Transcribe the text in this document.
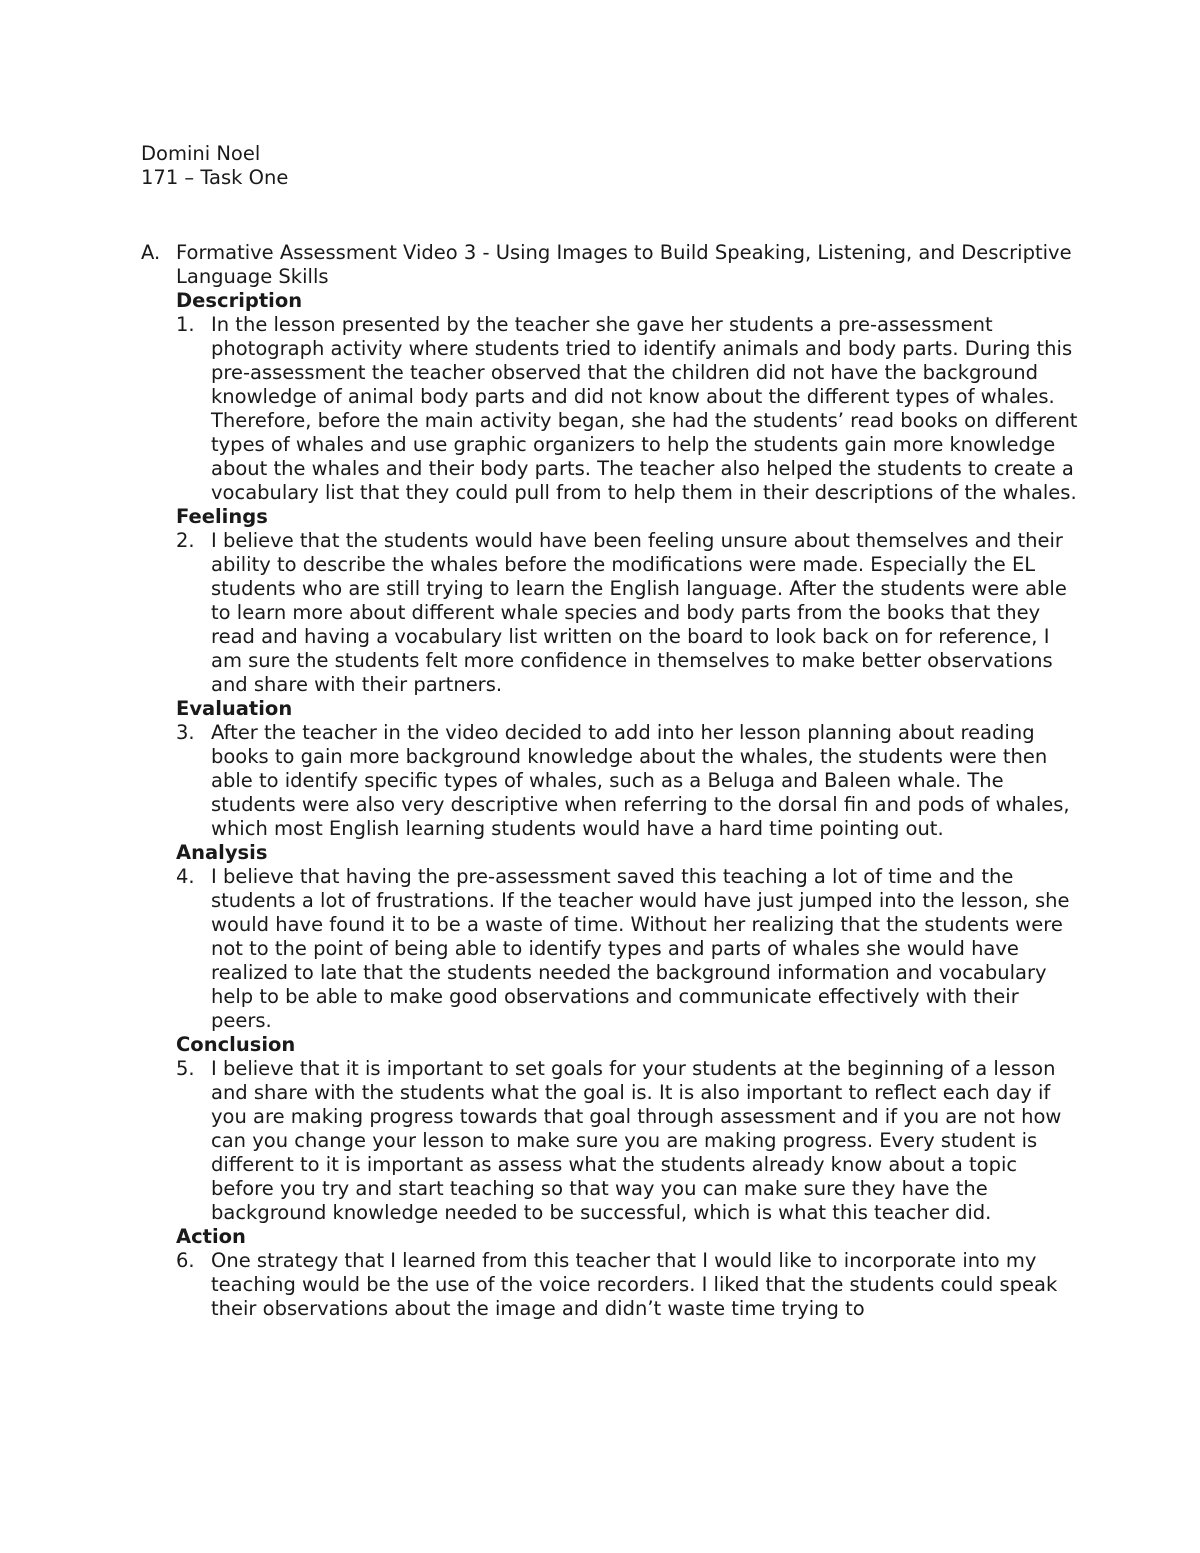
Domini Noel
171 – Task One
A. Formative Assessment Video 3 - Using Images to Build Speaking, Listening, and Descriptive Language Skills
Description
1. In the lesson presented by the teacher she gave her students a pre-assessment photograph activity where students tried to identify animals and body parts. During this pre-assessment the teacher observed that the children did not have the background knowledge of animal body parts and did not know about the different types of whales. Therefore, before the main activity began, she had the students’ read books on different types of whales and use graphic organizers to help the students gain more knowledge about the whales and their body parts. The teacher also helped the students to create a vocabulary list that they could pull from to help them in their descriptions of the whales.
Feelings
2. I believe that the students would have been feeling unsure about themselves and their ability to describe the whales before the modifications were made. Especially the EL students who are still trying to learn the English language. After the students were able to learn more about different whale species and body parts from the books that they read and having a vocabulary list written on the board to look back on for reference, I am sure the students felt more confidence in themselves to make better observations and share with their partners.
Evaluation
3. After the teacher in the video decided to add into her lesson planning about reading books to gain more background knowledge about the whales, the students were then able to identify specific types of whales, such as a Beluga and Baleen whale. The students were also very descriptive when referring to the dorsal fin and pods of whales, which most English learning students would have a hard time pointing out.
Analysis
4. I believe that having the pre-assessment saved this teaching a lot of time and the students a lot of frustrations. If the teacher would have just jumped into the lesson, she would have found it to be a waste of time. Without her realizing that the students were not to the point of being able to identify types and parts of whales she would have realized to late that the students needed the background information and vocabulary help to be able to make good observations and communicate effectively with their peers.
Conclusion
5. I believe that it is important to set goals for your students at the beginning of a lesson and share with the students what the goal is. It is also important to reflect each day if you are making progress towards that goal through assessment and if you are not how can you change your lesson to make sure you are making progress. Every student is different to it is important as assess what the students already know about a topic before you try and start teaching so that way you can make sure they have the background knowledge needed to be successful, which is what this teacher did.
Action
6. One strategy that I learned from this teacher that I would like to incorporate into my teaching would be the use of the voice recorders. I liked that the students could speak their observations about the image and didn’t waste time trying to
